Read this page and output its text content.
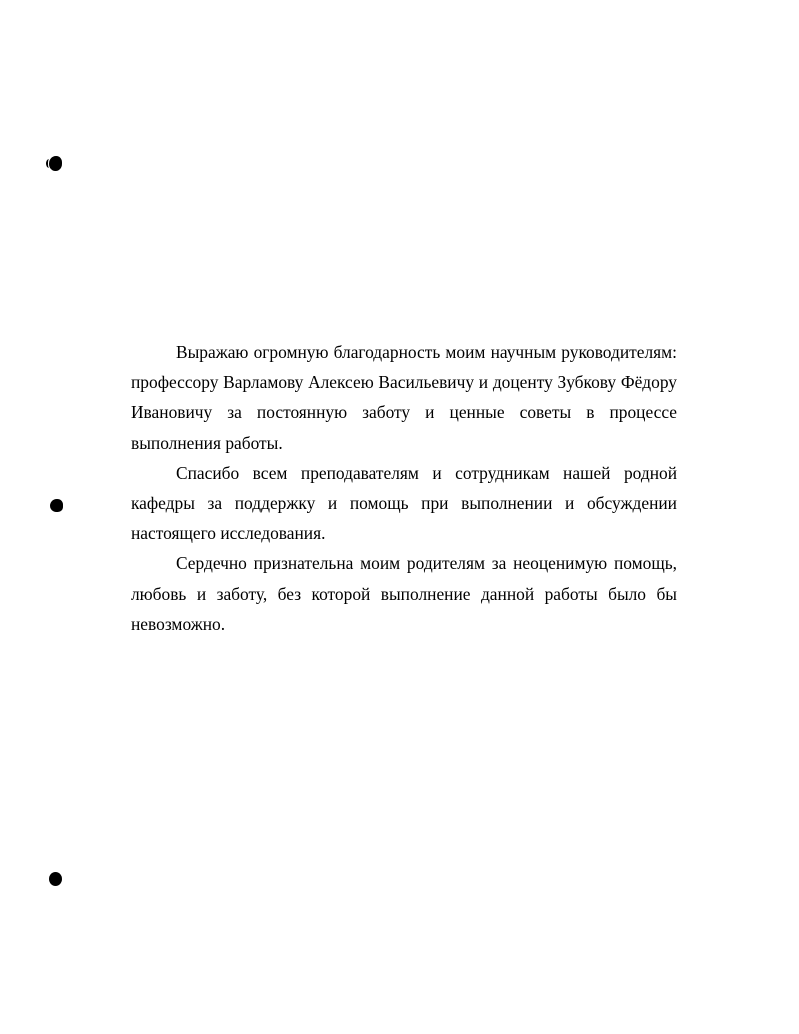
Выражаю огромную благодарность моим научным руководителям: профессору Варламову Алексею Васильевичу и доценту Зубкову Фёдору Ивановичу за постоянную заботу и ценные советы в процессе выполнения работы.

Спасибо всем преподавателям и сотрудникам нашей родной кафедры за поддержку и помощь при выполнении и обсуждении настоящего исследования.

Сердечно признательна моим родителям за неоценимую помощь, любовь и заботу, без которой выполнение данной работы было бы невозможно.
